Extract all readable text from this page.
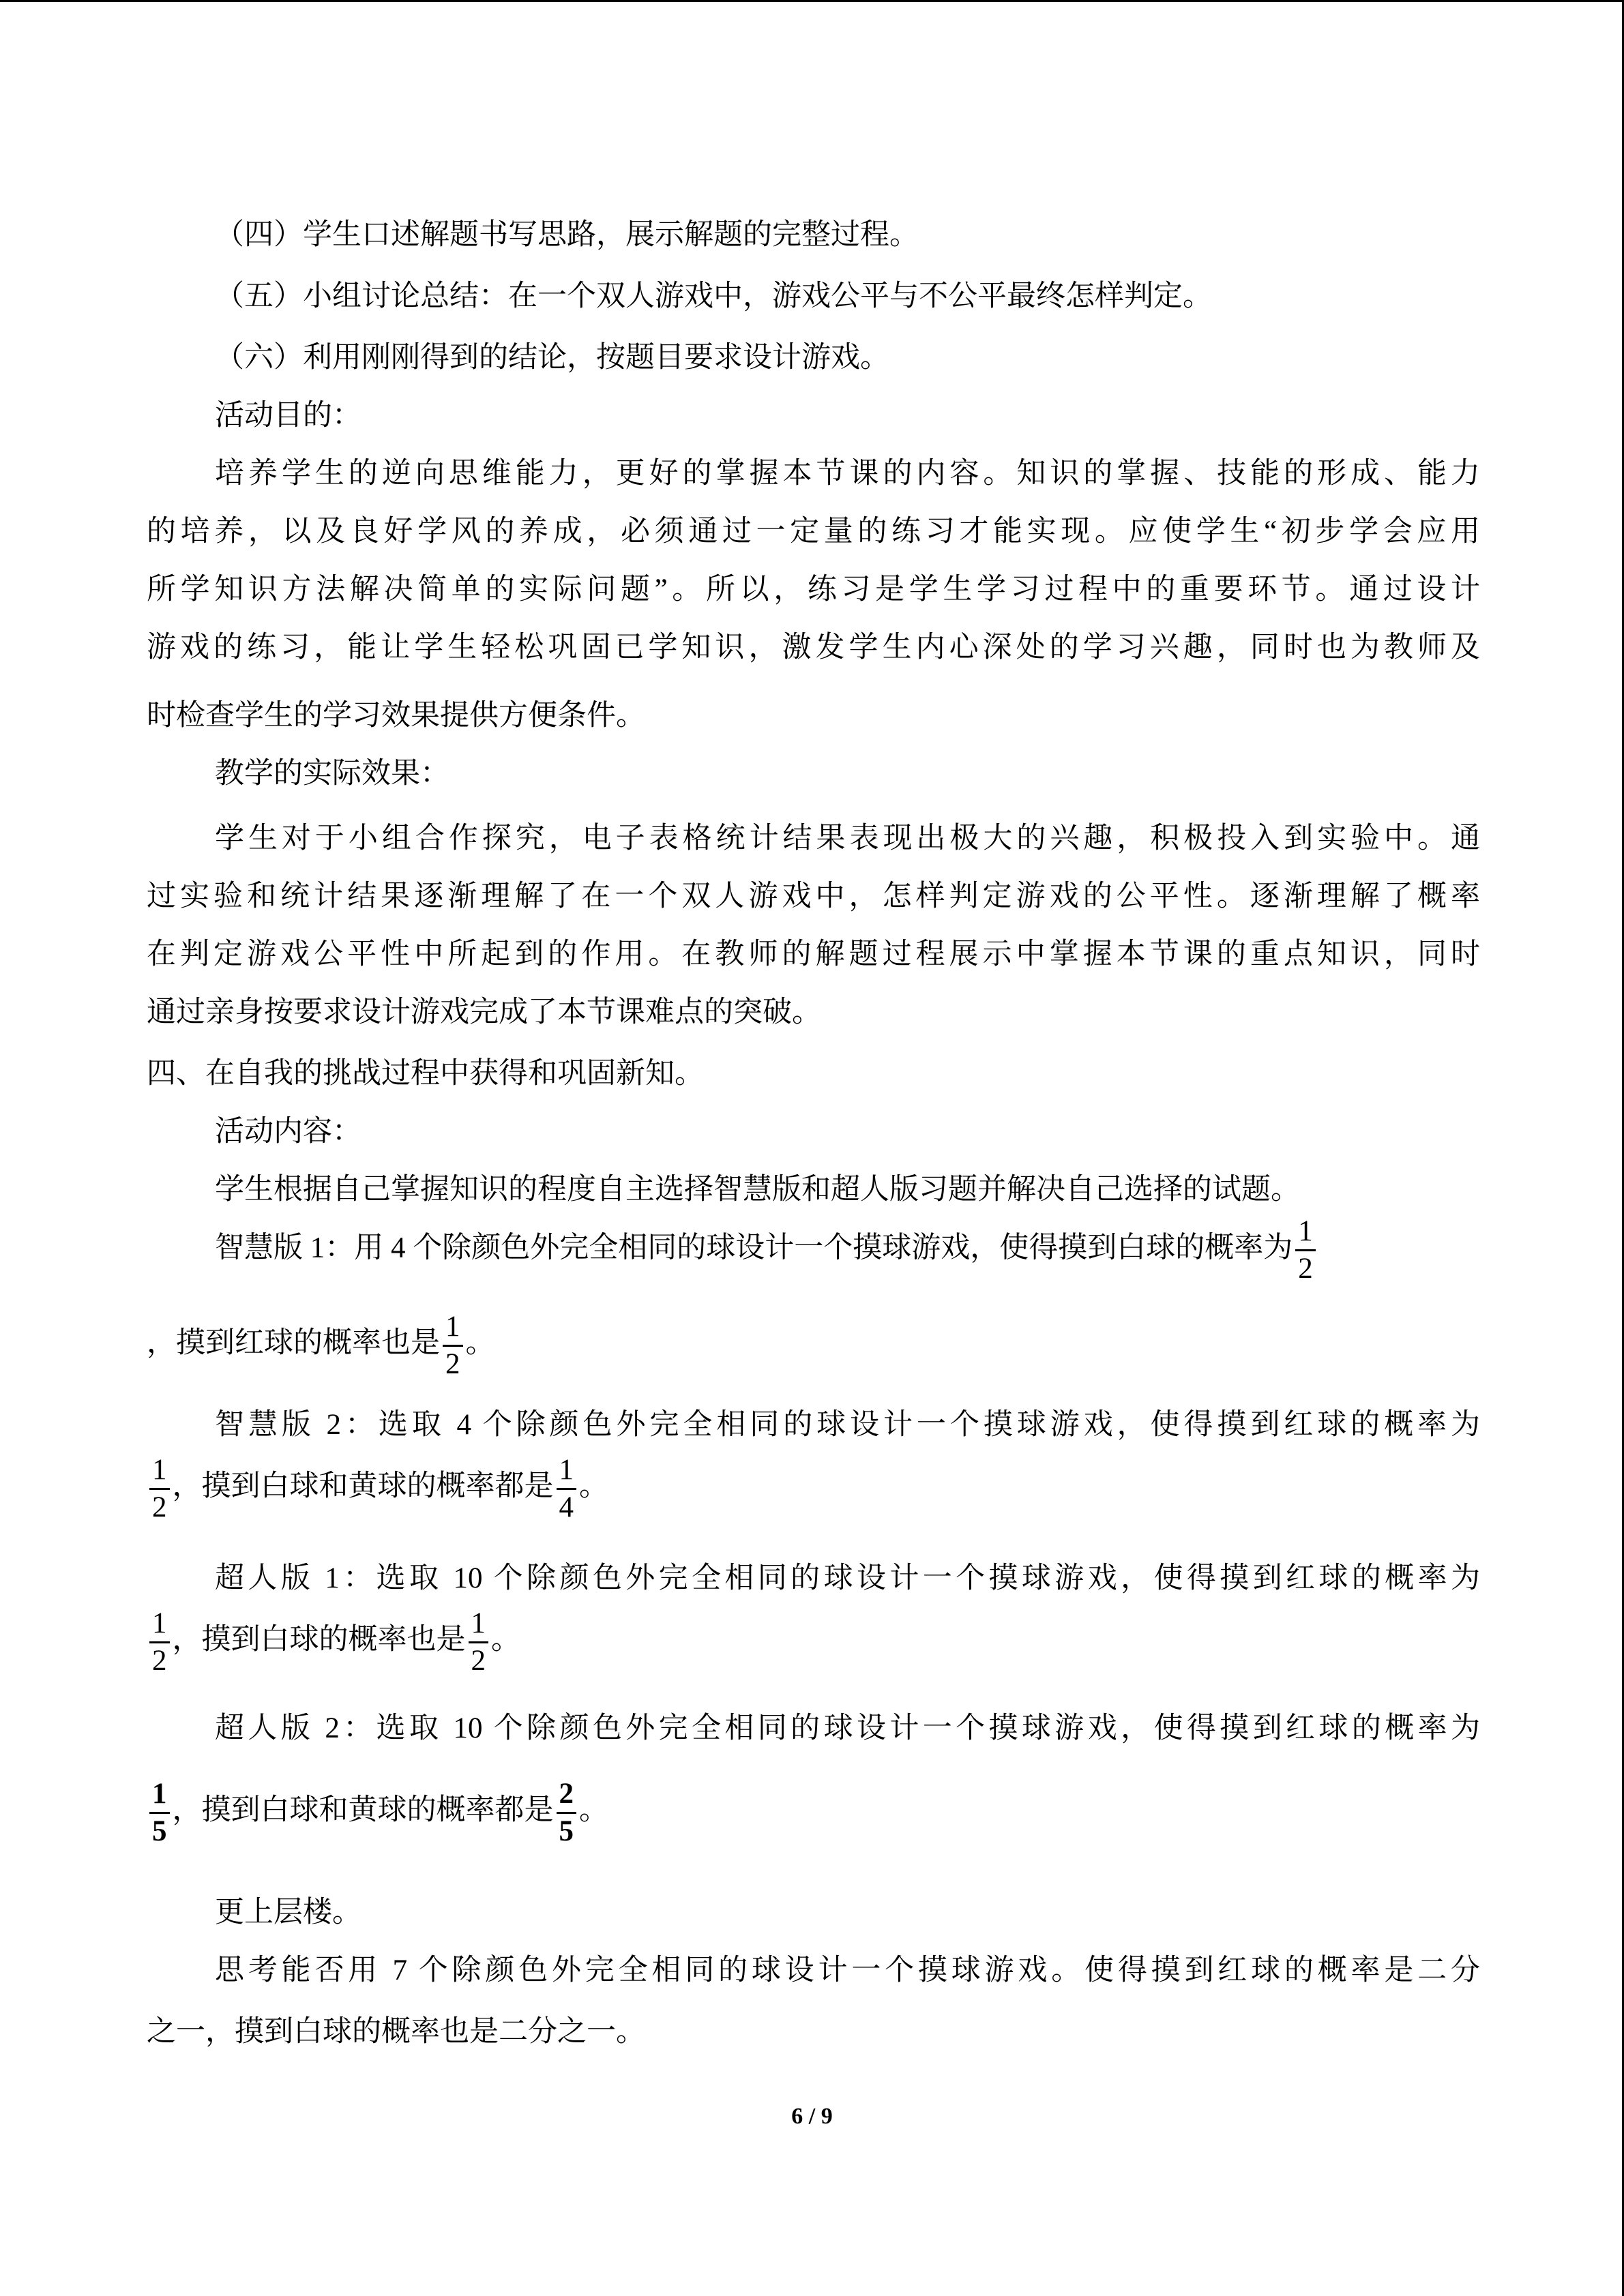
（四）学生口述解题书写思路，展示解题的完整过程。
（五）小组讨论总结：在一个双人游戏中，游戏公平与不公平最终怎样判定。
（六）利用刚刚得到的结论，按题目要求设计游戏。
活动目的：
培养学生的逆向思维能力，更好的掌握本节课的内容。知识的掌握、技能的形成、能力
的培养，以及良好学风的养成，必须通过一定量的练习才能实现。应使学生“初步学会应用
所学知识方法解决简单的实际问题”。所以，练习是学生学习过程中的重要环节。通过设计
游戏的练习，能让学生轻松巩固已学知识，激发学生内心深处的学习兴趣，同时也为教师及
时检查学生的学习效果提供方便条件。
教学的实际效果：
学生对于小组合作探究，电子表格统计结果表现出极大的兴趣，积极投入到实验中。通
过实验和统计结果逐渐理解了在一个双人游戏中，怎样判定游戏的公平性。逐渐理解了概率
在判定游戏公平性中所起到的作用。在教师的解题过程展示中掌握本节课的重点知识，同时
通过亲身按要求设计游戏完成了本节课难点的突破。
四、在自我的挑战过程中获得和巩固新知。
活动内容：
学生根据自己掌握知识的程度自主选择智慧版和超人版习题并解决自己选择的试题。
智慧版 1：用 4 个除颜色外完全相同的球设计一个摸球游戏，使得摸到白球的概率为 $\frac{1}{2}$
，摸到红球的概率也是 $\frac{1}{2}$ 。
智慧版 2：选取 4 个除颜色外完全相同的球设计一个摸球游戏，使得摸到红球的概率为
$\frac{1}{2}$ ，摸到白球和黄球的概率都是 $\frac{1}{4}$ 。
超人版 1：选取 10 个除颜色外完全相同的球设计一个摸球游戏，使得摸到红球的概率为
$\frac{1}{2}$ ，摸到白球的概率也是 $\frac{1}{2}$ 。
超人版 2：选取 10 个除颜色外完全相同的球设计一个摸球游戏，使得摸到红球的概率为
$\frac{1}{5}$ ，摸到白球和黄球的概率都是 $\frac{2}{5}$ 。
更上层楼。
思考能否用 7 个除颜色外完全相同的球设计一个摸球游戏。使得摸到红球的概率是二分
之一，摸到白球的概率也是二分之一。
6 / 9
